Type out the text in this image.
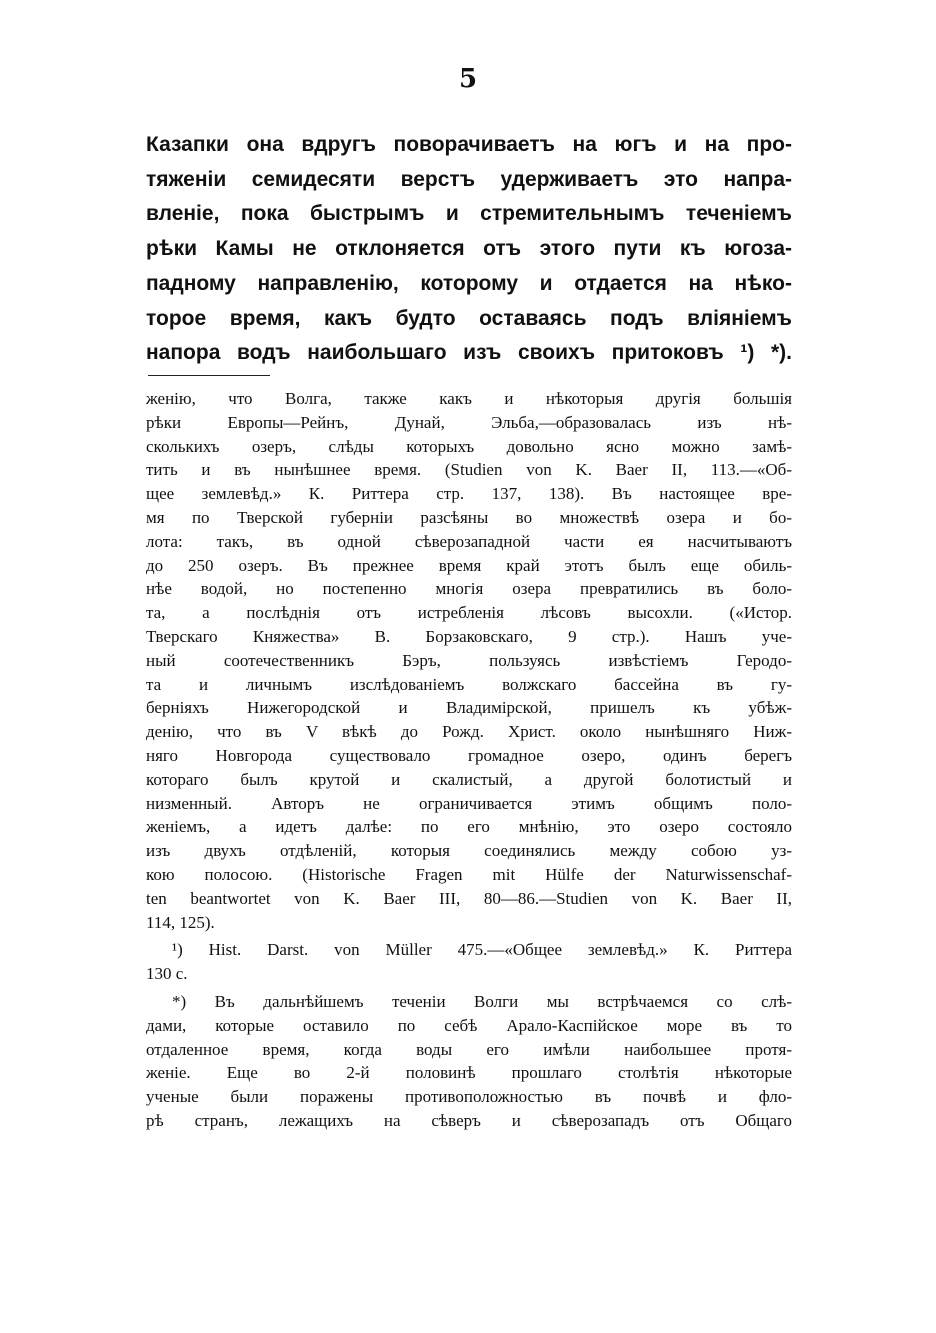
5
Казапки она вдругъ поворачиваетъ на югъ и на про-
тяженіи семидесяти верстъ удерживаетъ это напра-
вленіе, пока быстрымъ и стремительнымъ теченіемъ
рѣки Камы не отклоняется отъ этого пути къ югоза-
падному направленію, которому и отдается на нѣко-
торое время, какъ будто оставаясь подъ вліяніемъ
напора водъ наибольшаго изъ своихъ притоковъ ¹) *).
женію, что Волга, также какъ и нѣкоторыя другія большія
рѣки Европы—Рейнъ, Дунай, Эльба,—образовалась изъ нѣ-
сколькихъ озеръ, слѣды которыхъ довольно ясно можно замѣ-
тить и въ нынѣшнее время. (Studien von K. Baer II, 113.—«Об-
щее землевѣд.» К. Риттера стр. 137, 138). Въ настоящее вре-
мя по Тверской губерніи разсѣяны во множествѣ озера и бо-
лота: такъ, въ одной сѣверозападной части ея насчитываютъ
до 250 озеръ. Въ прежнее время край этотъ былъ еще обиль-
нѣе водой, но постепенно многія озера превратились въ боло-
та, а послѣднія отъ истребленія лѣсовъ высохли. («Истор.
Тверскаго Княжества» В. Борзаковскаго, 9 стр.). Нашъ уче-
ный соотечественникъ Бэръ, пользуясь извѣстіемъ Геродо-
та и личнымъ изслѣдованіемъ волжскаго бассейна въ гу-
берніяхъ Нижегородской и Владимірской, пришелъ къ убѣж-
денію, что въ V вѣкѣ до Рожд. Христ. около нынѣшняго Ниж-
няго Новгорода существовало громадное озеро, одинъ берегъ
котораго былъ крутой и скалистый, а другой болотистый и
низменный. Авторъ не ограничивается этимъ общимъ поло-
женіемъ, а идетъ далѣе: по его мнѣнію, это озеро состояло
изъ двухъ отдѣленій, которыя соединялись между собою уз-
кою полосою. (Historische Fragen mit Hülfe der Naturwissenschaf-
ten beantwortet von K. Baer III, 80—86.—Studien von K. Baer II,
114, 125).
¹) Hist. Darst. von Müller 475.—«Общее землевѣд.» К. Риттера
130 с.
*) Въ дальнѣйшемъ теченіи Волги мы встрѣчаемся со слѣ-
дами, которые оставило по себѣ Арало-Каспійское море въ то
отдаленное время, когда воды его имѣли наибольшее протя-
женіе. Еще во 2-й половинѣ прошлаго столѣтія нѣкоторые
ученые были поражены противоположностью въ почвѣ и фло-
рѣ странъ, лежащихъ на сѣверъ и сѣверозападъ отъ Общаго
